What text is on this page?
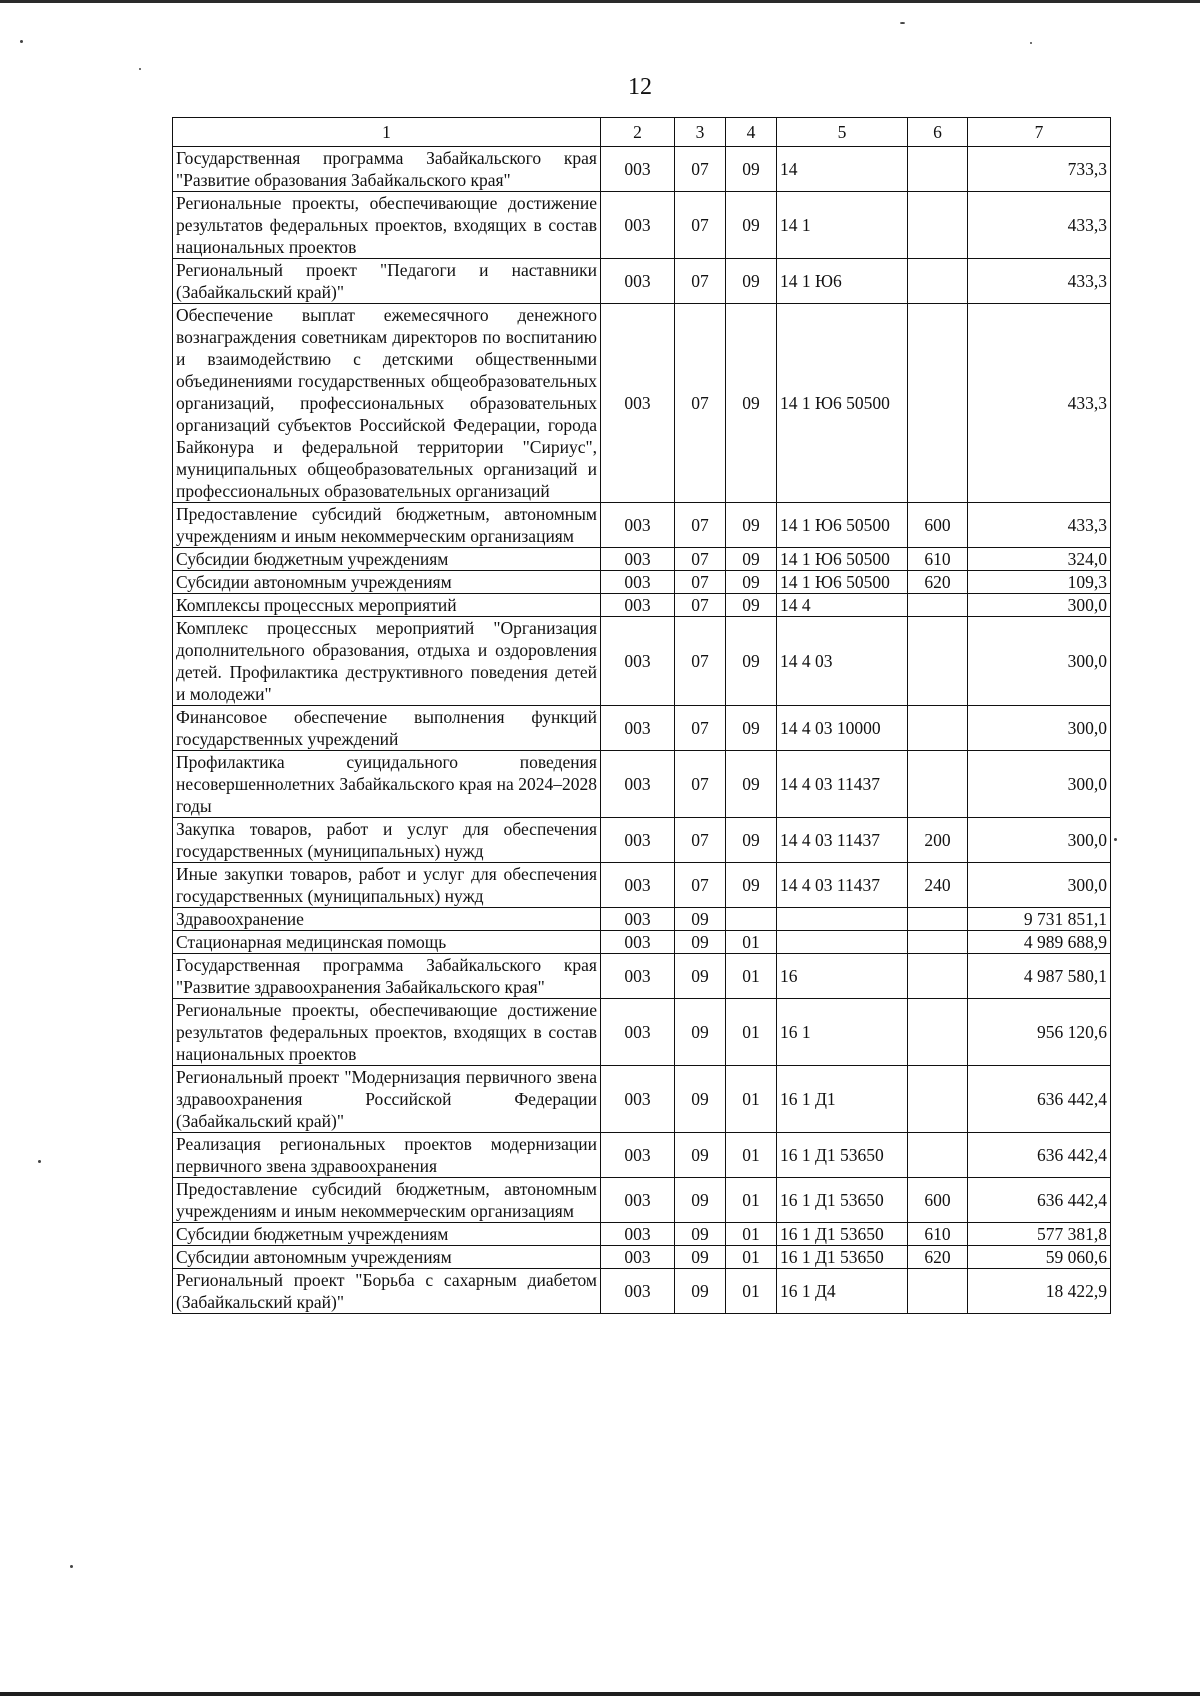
12
1	2	3	4	5	6	7
Государственная программа Забайкальского края "Развитие образования Забайкальского края"	003	07	09	14		733,3
Региональные проекты, обеспечивающие достижение результатов федеральных проектов, входящих в состав национальных проектов	003	07	09	14 1		433,3
Региональный проект "Педагоги и наставники (Забайкальский край)"	003	07	09	14 1 Ю6		433,3
Обеспечение выплат ежемесячного денежного вознаграждения советникам директоров по воспитанию и взаимодействию с детскими общественными объединениями государственных общеобразовательных организаций, профессиональных образовательных организаций субъектов Российской Федерации, города Байконура и федеральной территории "Сириус", муниципальных общеобразовательных организаций и профессиональных образовательных организаций	003	07	09	14 1 Ю6 50500		433,3
Предоставление субсидий бюджетным, автономным учреждениям и иным некоммерческим организациям	003	07	09	14 1 Ю6 50500	600	433,3
Субсидии бюджетным учреждениям	003	07	09	14 1 Ю6 50500	610	324,0
Субсидии автономным учреждениям	003	07	09	14 1 Ю6 50500	620	109,3
Комплексы процессных мероприятий	003	07	09	14 4		300,0
Комплекс процессных мероприятий "Организация дополнительного образования, отдыха и оздоровления детей. Профилактика деструктивного поведения детей и молодежи"	003	07	09	14 4 03		300,0
Финансовое обеспечение выполнения функций государственных учреждений	003	07	09	14 4 03 10000		300,0
Профилактика суицидального поведения несовершеннолетних Забайкальского края на 2024–2028 годы	003	07	09	14 4 03 11437		300,0
Закупка товаров, работ и услуг для обеспечения государственных (муниципальных) нужд	003	07	09	14 4 03 11437	200	300,0
Иные закупки товаров, работ и услуг для обеспечения государственных (муниципальных) нужд	003	07	09	14 4 03 11437	240	300,0
Здравоохранение	003	09				9 731 851,1
Стационарная медицинская помощь	003	09	01			4 989 688,9
Государственная программа Забайкальского края "Развитие здравоохранения Забайкальского края"	003	09	01	16		4 987 580,1
Региональные проекты, обеспечивающие достижение результатов федеральных проектов, входящих в состав национальных проектов	003	09	01	16 1		956 120,6
Региональный проект "Модернизация первичного звена здравоохранения Российской Федерации (Забайкальский край)"	003	09	01	16 1 Д1		636 442,4
Реализация региональных проектов модернизации первичного звена здравоохранения	003	09	01	16 1 Д1 53650		636 442,4
Предоставление субсидий бюджетным, автономным учреждениям и иным некоммерческим организациям	003	09	01	16 1 Д1 53650	600	636 442,4
Субсидии бюджетным учреждениям	003	09	01	16 1 Д1 53650	610	577 381,8
Субсидии автономным учреждениям	003	09	01	16 1 Д1 53650	620	59 060,6
Региональный проект "Борьба с сахарным диабетом (Забайкальский край)"	003	09	01	16 1 Д4		18 422,9
